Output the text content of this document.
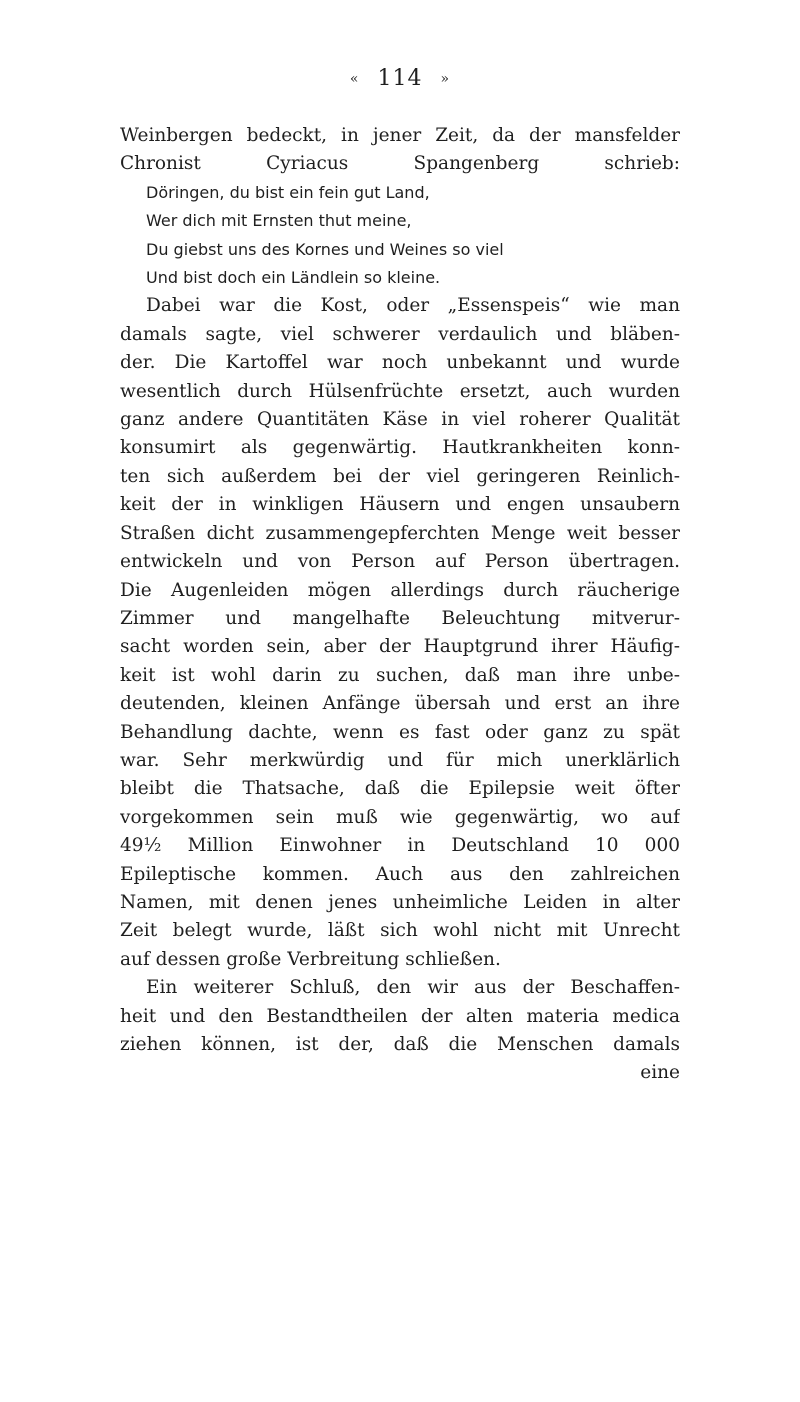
« 114 »
Weinbergen bedeckt, in jener Zeit, da der mansfelder
Chronist Cyriacus Spangenberg schrieb:
Döringen, du bist ein fein gut Land,
Wer dich mit Ernsten thut meine,
Du giebst uns des Kornes und Weines so viel
Und bist doch ein Ländlein so kleine.
Dabei war die Kost, oder „Essenspeis“ wie man
damals sagte, viel schwerer verdaulich und bläben-
der. Die Kartoffel war noch unbekannt und wurde
wesentlich durch Hülsenfrüchte ersetzt, auch wurden
ganz andere Quantitäten Käse in viel roherer Qualität
konsumirt als gegenwärtig. Hautkrankheiten konn-
ten sich außerdem bei der viel geringeren Reinlich-
keit der in winkligen Häusern und engen unsaubern
Straßen dicht zusammengepferchten Menge weit besser
entwickeln und von Person auf Person übertragen.
Die Augenleiden mögen allerdings durch räucherige
Zimmer und mangelhafte Beleuchtung mitverur-
sacht worden sein, aber der Hauptgrund ihrer Häufig-
keit ist wohl darin zu suchen, daß man ihre unbe-
deutenden, kleinen Anfänge übersah und erst an ihre
Behandlung dachte, wenn es fast oder ganz zu spät
war. Sehr merkwürdig und für mich unerklärlich
bleibt die Thatsache, daß die Epilepsie weit öfter
vorgekommen sein muß wie gegenwärtig, wo auf
49½ Million Einwohner in Deutschland 10 000
Epileptische kommen. Auch aus den zahlreichen
Namen, mit denen jenes unheimliche Leiden in alter
Zeit belegt wurde, läßt sich wohl nicht mit Unrecht
auf dessen große Verbreitung schließen.
Ein weiterer Schluß, den wir aus der Beschaffen-
heit und den Bestandtheilen der alten materia medica
ziehen können, ist der, daß die Menschen damals
eine
